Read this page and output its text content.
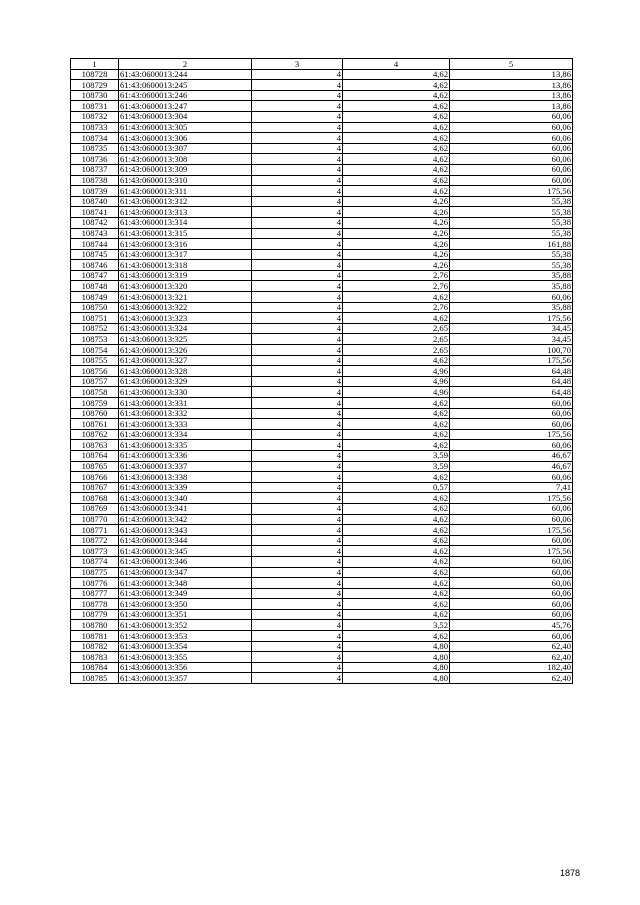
1	2	3	4	5
108728	61:43:0600013:244	4	4,62	13,86
108729	61:43:0600013:245	4	4,62	13,86
108730	61:43:0600013:246	4	4,62	13,86
108731	61:43:0600013:247	4	4,62	13,86
108732	61:43:0600013:304	4	4,62	60,06
108733	61:43:0600013:305	4	4,62	60,06
108734	61:43:0600013:306	4	4,62	60,06
108735	61:43:0600013:307	4	4,62	60,06
108736	61:43:0600013:308	4	4,62	60,06
108737	61:43:0600013:309	4	4,62	60,06
108738	61:43:0600013:310	4	4,62	60,06
108739	61:43:0600013:311	4	4,62	175,56
108740	61:43:0600013:312	4	4,26	55,38
108741	61:43:0600013:313	4	4,26	55,38
108742	61:43:0600013:314	4	4,26	55,38
108743	61:43:0600013:315	4	4,26	55,38
108744	61:43:0600013:316	4	4,26	161,88
108745	61:43:0600013:317	4	4,26	55,38
108746	61:43:0600013:318	4	4,26	55,38
108747	61:43:0600013:319	4	2,76	35,88
108748	61:43:0600013:320	4	2,76	35,88
108749	61:43:0600013:321	4	4,62	60,06
108750	61:43:0600013:322	4	2,76	35,88
108751	61:43:0600013:323	4	4,62	175,56
108752	61:43:0600013:324	4	2,65	34,45
108753	61:43:0600013:325	4	2,65	34,45
108754	61:43:0600013:326	4	2,65	100,70
108755	61:43:0600013:327	4	4,62	175,56
108756	61:43:0600013:328	4	4,96	64,48
108757	61:43:0600013:329	4	4,96	64,48
108758	61:43:0600013:330	4	4,96	64,48
108759	61:43:0600013:331	4	4,62	60,06
108760	61:43:0600013:332	4	4,62	60,06
108761	61:43:0600013:333	4	4,62	60,06
108762	61:43:0600013:334	4	4,62	175,56
108763	61:43:0600013:335	4	4,62	60,06
108764	61:43:0600013:336	4	3,59	46,67
108765	61:43:0600013:337	4	3,59	46,67
108766	61:43:0600013:338	4	4,62	60,06
108767	61:43:0600013:339	4	0,57	7,41
108768	61:43:0600013:340	4	4,62	175,56
108769	61:43:0600013:341	4	4,62	60,06
108770	61:43:0600013:342	4	4,62	60,06
108771	61:43:0600013:343	4	4,62	175,56
108772	61:43:0600013:344	4	4,62	60,06
108773	61:43:0600013:345	4	4,62	175,56
108774	61:43:0600013:346	4	4,62	60,06
108775	61:43:0600013:347	4	4,62	60,06
108776	61:43:0600013:348	4	4,62	60,06
108777	61:43:0600013:349	4	4,62	60,06
108778	61:43:0600013:350	4	4,62	60,06
108779	61:43:0600013:351	4	4,62	60,06
108780	61:43:0600013:352	4	3,52	45,76
108781	61:43:0600013:353	4	4,62	60,06
108782	61:43:0600013:354	4	4,80	62,40
108783	61:43:0600013:355	4	4,80	62,40
108784	61:43:0600013:356	4	4,80	182,40
108785	61:43:0600013:357	4	4,80	62,40
1878
